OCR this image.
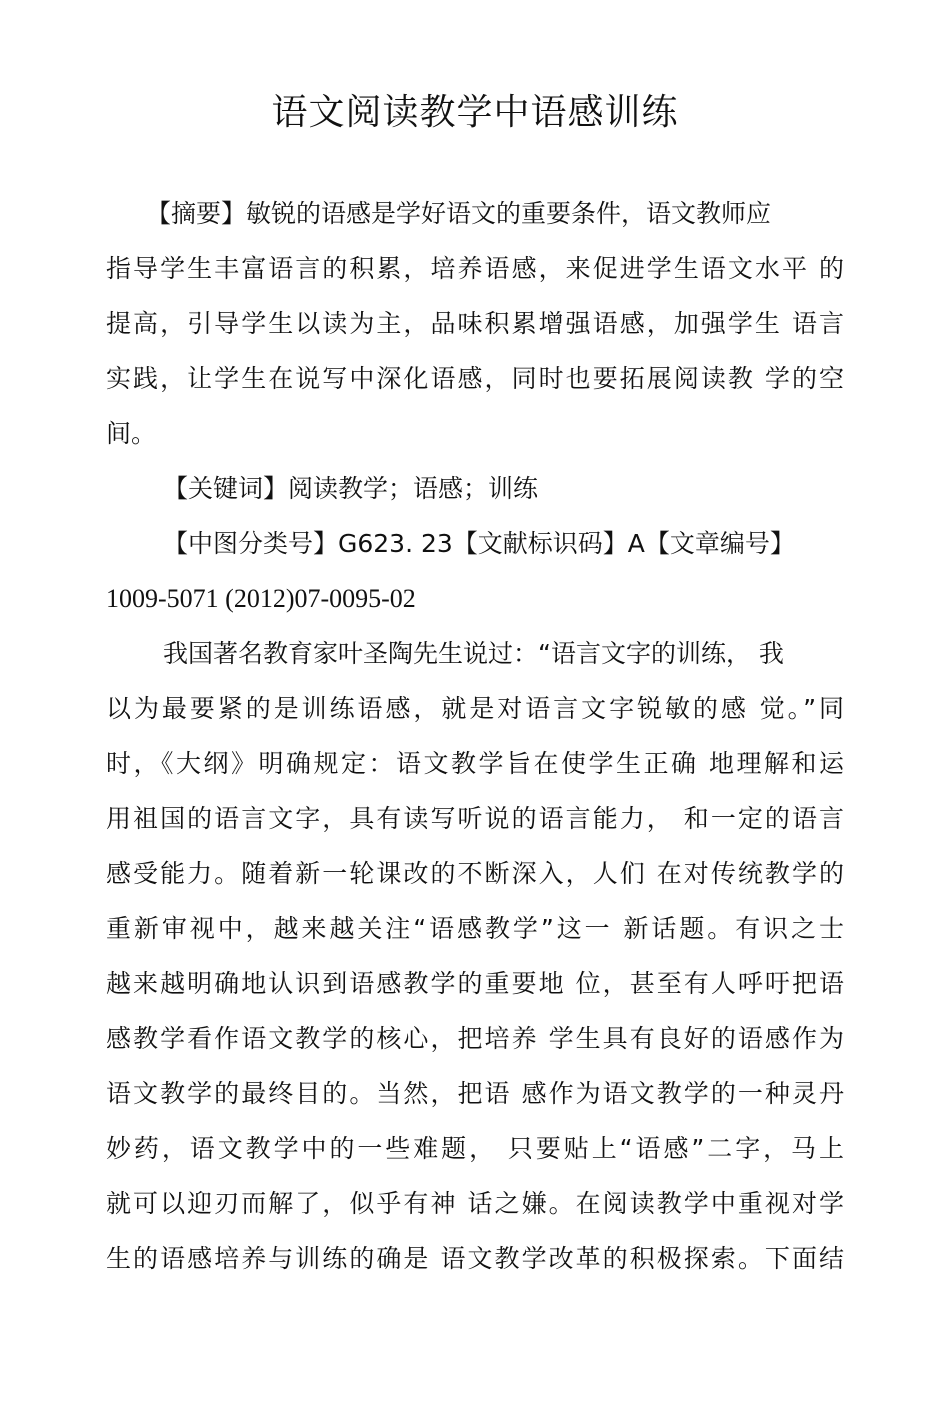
语文阅读教学中语感训练
【摘要】敏锐的语感是学好语文的重要条件，语文教师应
指导学生丰富语言的积累，培养语感，来促进学生语文水平 的
提高，引导学生以读为主，品味积累增强语感，加强学生 语言
实践，让学生在说写中深化语感，同时也要拓展阅读教 学的空
间。
【关键词】阅读教学；语感；训练
【中图分类号】G623. 23【文献标识码】A【文章编号】
1009-5071 (2012)07-0095-02
我国著名教育家叶圣陶先生说过：“语言文字的训练， 我
以为最要紧的是训练语感，就是对语言文字锐敏的感 觉。”同
时，《大纲》明确规定：语文教学旨在使学生正确 地理解和运
用祖国的语言文字，具有读写听说的语言能力， 和一定的语言
感受能力。随着新一轮课改的不断深入，人们 在对传统教学的
重新审视中，越来越关注“语感教学”这一 新话题。有识之士
越来越明确地认识到语感教学的重要地 位，甚至有人呼吁把语
感教学看作语文教学的核心，把培养 学生具有良好的语感作为
语文教学的最终目的。当然，把语 感作为语文教学的一种灵丹
妙药，语文教学中的一些难题， 只要贴上“语感”二字，马上
就可以迎刃而解了，似乎有神 话之嫌。在阅读教学中重视对学
生的语感培养与训练的确是 语文教学改革的积极探索。下面结
